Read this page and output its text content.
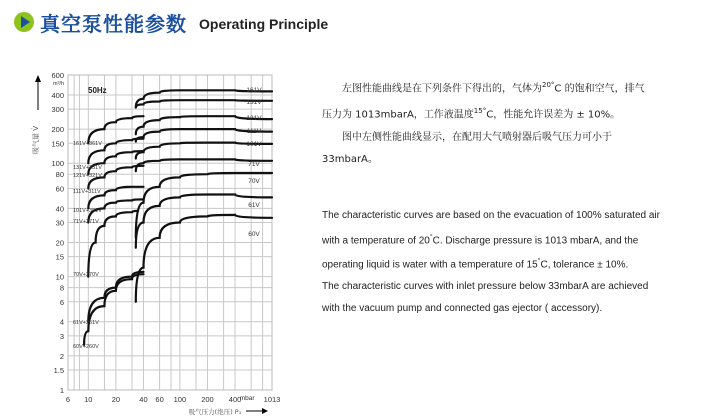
真空泵性能参数 Operating Principle
1
1.5
2
3
4
6
8
10
15
20
30
40
60
80
100
150
200
300
400
600
m³/h
6 10	20	40 60 100 200 400	1013
mbar
吸气压力(绝压) P₁
吸气量 V̇
50Hz	161V
131V
121V
111V
101V
71V
70V
61V
60V
161V+361V
131V+331V
121V+321V
111V+311V
101V+301V
71V+271V
70V+270V
61V+261V
60V+260V

左图性能曲线是在下列条件下得出的，气体为$^{20^\circ}$C 的饱和空气，排气压力为 1013mbarA，工作液温度$^{15^\circ}$C，性能允许误差为 ± 10%。

图中左侧性能曲线显示，在配用大气喷射器后吸气压力可小于 33mbarA。

The characteristic curves are based on the evacuation of 100% saturated air with a temperature of 20°C. Discharge pressure is 1013 mbarA, and the operating liquid is water with a temperature of 15°C, tolerance ± 10%.

The characteristic curves with inlet pressure below 33mbarA are achieved with the vacuum pump and connected gas ejector ( accessory).
